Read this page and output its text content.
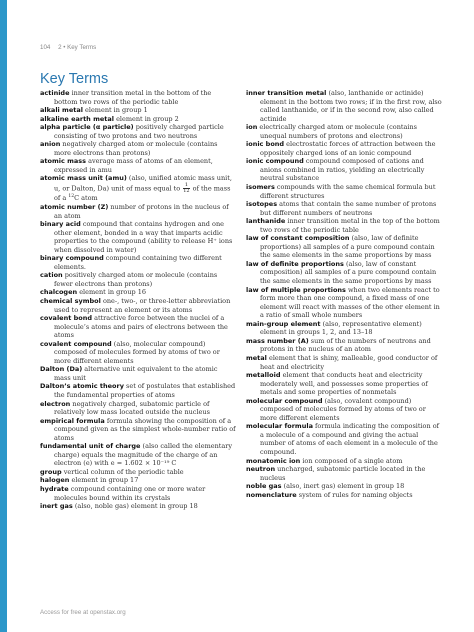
104 2 • Key Terms
Key Terms

actinide inner transition metal in the bottom of the bottom two rows of the periodic table

alkali metal element in group 1

alkaline earth metal element in group 2

alpha particle (α particle) positively charged particle consisting of two protons and two neutrons

anion negatively charged atom or molecule (contains more electrons than protons)

atomic mass average mass of atoms of an element, expressed in amu

atomic mass unit (amu) (also, unified atomic mass unit, u, or Dalton, Da) unit of mass equal to $\frac{1}{12}$ of the mass of a $^{12}$C atom

atomic number (Z) number of protons in the nucleus of an atom

binary acid compound that contains hydrogen and one other element, bonded in a way that imparts acidic properties to the compound (ability to release H⁺ ions when dissolved in water)

binary compound compound containing two different elements.

cation positively charged atom or molecule (contains fewer electrons than protons)

chalcogen element in group 16

chemical symbol one-, two-, or three-letter abbreviation used to represent an element or its atoms

covalent bond attractive force between the nuclei of a molecule’s atoms and pairs of electrons between the atoms

covalent compound (also, molecular compound) composed of molecules formed by atoms of two or more different elements

Dalton (Da) alternative unit equivalent to the atomic mass unit

Dalton’s atomic theory set of postulates that established the fundamental properties of atoms

electron negatively charged, subatomic particle of relatively low mass located outside the nucleus

empirical formula formula showing the composition of a compound given as the simplest whole-number ratio of atoms

fundamental unit of charge (also called the elementary charge) equals the magnitude of the charge of an electron (e) with e = 1.602 × 10⁻¹⁹ C

group vertical column of the periodic table

halogen element in group 17

hydrate compound containing one or more water molecules bound within its crystals

inert gas (also, noble gas) element in group 18

inner transition metal (also, lanthanide or actinide) element in the bottom two rows; if in the first row, also called lanthanide, or if in the second row, also called actinide

ion electrically charged atom or molecule (contains unequal numbers of protons and electrons)

ionic bond electrostatic forces of attraction between the oppositely charged ions of an ionic compound

ionic compound compound composed of cations and anions combined in ratios, yielding an electrically neutral substance

isomers compounds with the same chemical formula but different structures

isotopes atoms that contain the same number of protons but different numbers of neutrons

lanthanide inner transition metal in the top of the bottom two rows of the periodic table

law of constant composition (also, law of definite proportions) all samples of a pure compound contain the same elements in the same proportions by mass

law of definite proportions (also, law of constant composition) all samples of a pure compound contain the same elements in the same proportions by mass

law of multiple proportions when two elements react to form more than one compound, a fixed mass of one element will react with masses of the other element in a ratio of small whole numbers

main-group element (also, representative element) element in groups 1, 2, and 13–18

mass number (A) sum of the numbers of neutrons and protons in the nucleus of an atom

metal element that is shiny, malleable, good conductor of heat and electricity

metalloid element that conducts heat and electricity moderately well, and possesses some properties of metals and some properties of nonmetals

molecular compound (also, covalent compound) composed of molecules formed by atoms of two or more different elements

molecular formula formula indicating the composition of a molecule of a compound and giving the actual number of atoms of each element in a molecule of the compound.

monatomic ion ion composed of a single atom

neutron uncharged, subatomic particle located in the nucleus

noble gas (also, inert gas) element in group 18

nomenclature system of rules for naming objects

Access for free at openstax.org
